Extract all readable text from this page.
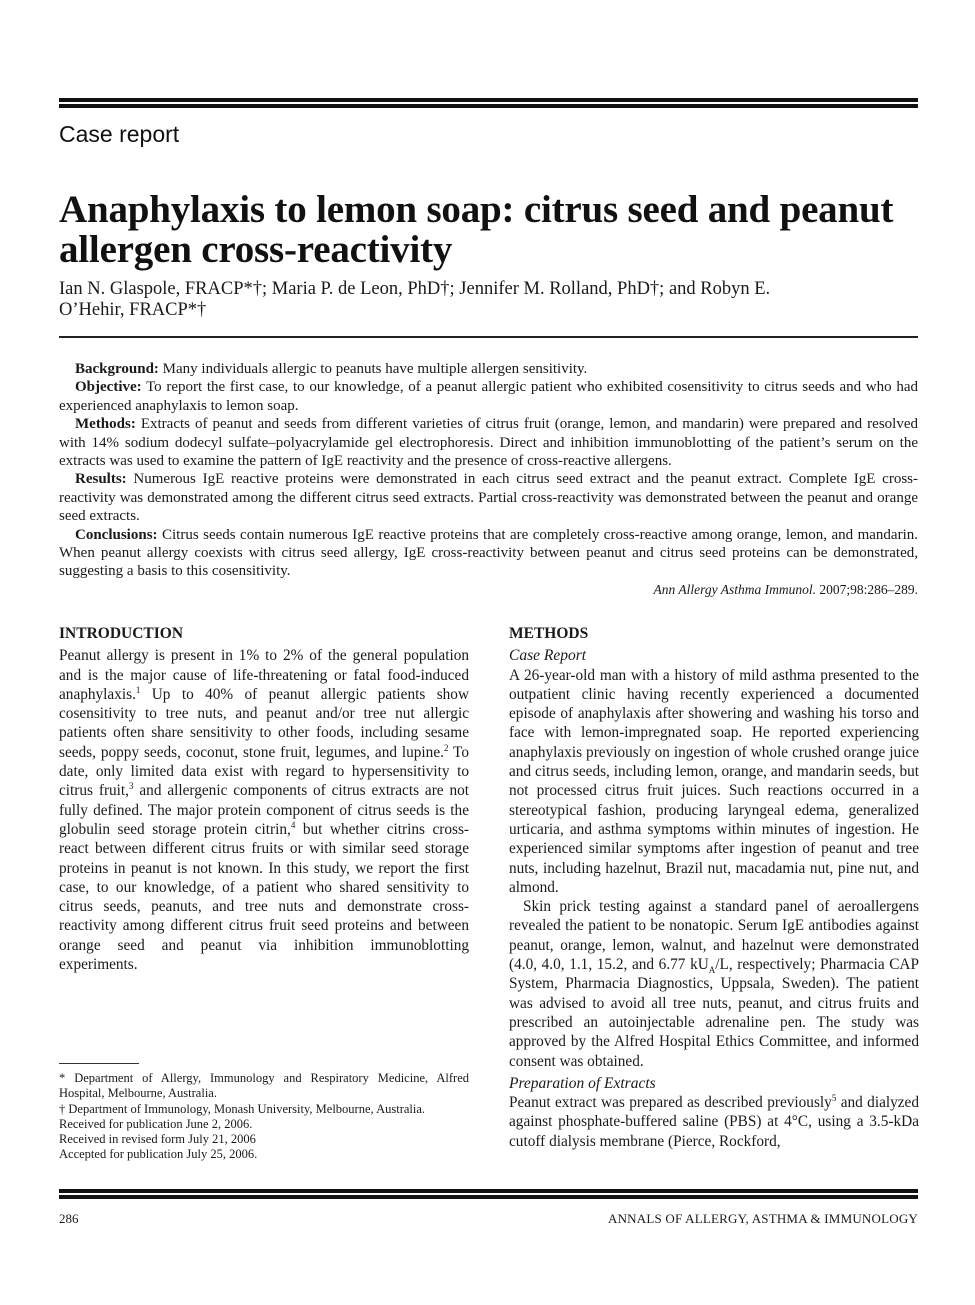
Case report
Anaphylaxis to lemon soap: citrus seed and peanut allergen cross-reactivity

Ian N. Glaspole, FRACP*†; Maria P. de Leon, PhD†; Jennifer M. Rolland, PhD†; and Robyn E. O’Hehir, FRACP*†

Background: Many individuals allergic to peanuts have multiple allergen sensitivity.

Objective: To report the first case, to our knowledge, of a peanut allergic patient who exhibited cosensitivity to citrus seeds and who had experienced anaphylaxis to lemon soap.

Methods: Extracts of peanut and seeds from different varieties of citrus fruit (orange, lemon, and mandarin) were prepared and resolved with 14% sodium dodecyl sulfate–polyacrylamide gel electrophoresis. Direct and inhibition immunoblotting of the patient’s serum on the extracts was used to examine the pattern of IgE reactivity and the presence of cross-reactive allergens.

Results: Numerous IgE reactive proteins were demonstrated in each citrus seed extract and the peanut extract. Complete IgE cross-reactivity was demonstrated among the different citrus seed extracts. Partial cross-reactivity was demonstrated between the peanut and orange seed extracts.

Conclusions: Citrus seeds contain numerous IgE reactive proteins that are completely cross-reactive among orange, lemon, and mandarin. When peanut allergy coexists with citrus seed allergy, IgE cross-reactivity between peanut and citrus seed proteins can be demonstrated, suggesting a basis to this cosensitivity.

Ann Allergy Asthma Immunol. 2007;98:286–289.
INTRODUCTION

Peanut allergy is present in 1% to 2% of the general population and is the major cause of life-threatening or fatal food-induced anaphylaxis.$^1$ Up to 40% of peanut allergic patients show cosensitivity to tree nuts, and peanut and/or tree nut allergic patients often share sensitivity to other foods, including sesame seeds, poppy seeds, coconut, stone fruit, legumes, and lupine.$^2$ To date, only limited data exist with regard to hypersensitivity to citrus fruit,$^3$ and allergenic components of citrus extracts are not fully defined. The major protein component of citrus seeds is the globulin seed storage protein citrin,$^4$ but whether citrins cross-react between different citrus fruits or with similar seed storage proteins in peanut is not known. In this study, we report the first case, to our knowledge, of a patient who shared sensitivity to citrus seeds, peanuts, and tree nuts and demonstrate cross-reactivity among different citrus fruit seed proteins and between orange seed and peanut via inhibition immunoblotting experiments.

* Department of Allergy, Immunology and Respiratory Medicine, Alfred Hospital, Melbourne, Australia.

† Department of Immunology, Monash University, Melbourne, Australia.

Received for publication June 2, 2006.

Received in revised form July 21, 2006

Accepted for publication July 25, 2006.

METHODS
Case Report

A 26-year-old man with a history of mild asthma presented to the outpatient clinic having recently experienced a documented episode of anaphylaxis after showering and washing his torso and face with lemon-impregnated soap. He reported experiencing anaphylaxis previously on ingestion of whole crushed orange juice and citrus seeds, including lemon, orange, and mandarin seeds, but not processed citrus fruit juices. Such reactions occurred in a stereotypical fashion, producing laryngeal edema, generalized urticaria, and asthma symptoms within minutes of ingestion. He experienced similar symptoms after ingestion of peanut and tree nuts, including hazelnut, Brazil nut, macadamia nut, pine nut, and almond.

Skin prick testing against a standard panel of aeroallergens revealed the patient to be nonatopic. Serum IgE antibodies against peanut, orange, lemon, walnut, and hazelnut were demonstrated (4.0, 4.0, 1.1, 15.2, and 6.77 $kU_A/L$, respectively; Pharmacia CAP System, Pharmacia Diagnostics, Uppsala, Sweden). The patient was advised to avoid all tree nuts, peanut, and citrus fruits and prescribed an autoinjectable adrenaline pen. The study was approved by the Alfred Hospital Ethics Committee, and informed consent was obtained.

Preparation of Extracts

Peanut extract was prepared as described previously$^5$ and dialyzed against phosphate-buffered saline (PBS) at 4°C, using a 3.5-kDa cutoff dialysis membrane (Pierce, Rockford,

286	ANNALS OF ALLERGY, ASTHMA & IMMUNOLOGY
